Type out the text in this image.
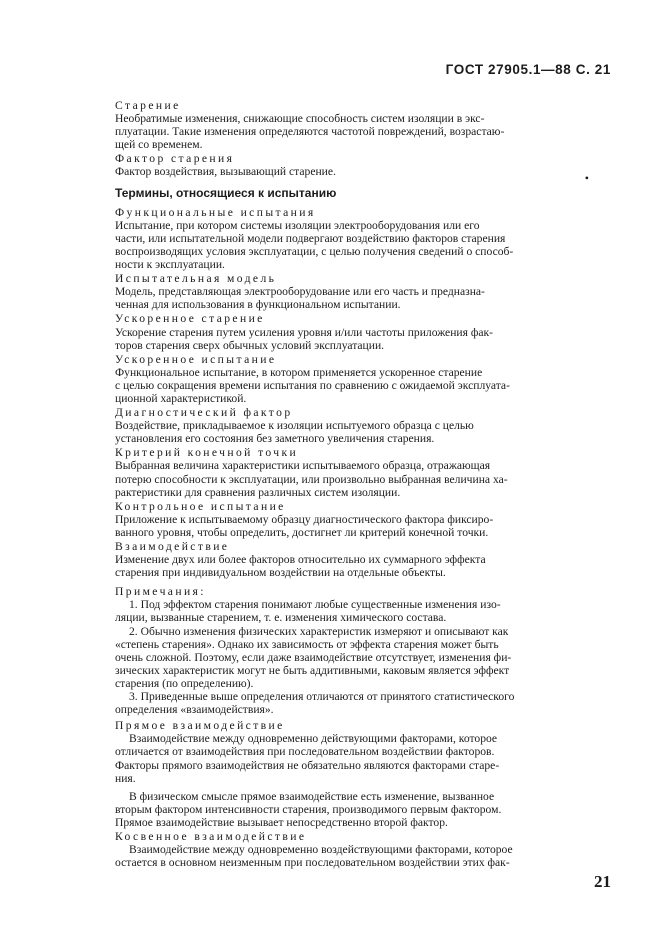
ГОСТ 27905.1—88 С. 21
•
Старение
Необратимые изменения, снижающие способность систем изоляции в экс-
плуатации. Такие изменения определяются частотой повреждений, возрастаю-
щей со временем.
Фактор старения
Фактор воздействия, вызывающий старение.
Термины, относящиеся к испытанию
Функциональные испытания
Испытание, при котором системы изоляции электрооборудования или его
части, или испытательной модели подвергают воздействию факторов старения
воспроизводящих условия эксплуатации, с целью получения сведений о способ-
ности к эксплуатации.
Испытательная модель
Модель, представляющая электрооборудование или его часть и предназна-
ченная для использования в функциональном испытании.
Ускоренное старение
Ускорение старения путем усиления уровня и/или частоты приложения фак-
торов старения сверх обычных условий эксплуатации.
Ускоренное испытание
Функциональное испытание, в котором применяется ускоренное старение
с целью сокращения времени испытания по сравнению с ожидаемой эксплуата-
ционной характеристикой.
Диагностический фактор
Воздействие, прикладываемое к изоляции испытуемого образца с целью
установления его состояния без заметного увеличения старения.
Критерий конечной точки
Выбранная величина характеристики испытываемого образца, отражающая
потерю способности к эксплуатации, или произвольно выбранная величина ха-
рактеристики для сравнения различных систем изоляции.
Контрольное испытание
Приложение к испытываемому образцу диагностического фактора фиксиро-
ванного уровня, чтобы определить, достигнет ли критерий конечной точки.
Взаимодействие
Изменение двух или более факторов относительно их суммарного эффекта
старения при индивидуальном воздействии на отдельные объекты.
Примечания:
1. Под эффектом старения понимают любые существенные изменения изо-
ляции, вызванные старением, т. е. изменения химического состава.
2. Обычно изменения физических характеристик измеряют и описывают как
«степень старения». Однако их зависимость от эффекта старения может быть
очень сложной. Поэтому, если даже взаимодействие отсутствует, изменения фи-
зических характеристик могут не быть аддитивными, каковым является эффект
старения (по определению).
3. Приведенные выше определения отличаются от принятого статистического
определения «взаимодействия».
Прямое взаимодействие
Взаимодействие между одновременно действующими факторами, которое
отличается от взаимодействия при последовательном воздействии факторов.
Факторы прямого взаимодействия не обязательно являются факторами старе-
ния.
В физическом смысле прямое взаимодействие есть изменение, вызванное
вторым фактором интенсивности старения, производимого первым фактором.
Прямое взаимодействие вызывает непосредственно второй фактор.
Косвенное взаимодействие
Взаимодействие между одновременно воздействующими факторами, которое
остается в основном неизменным при последовательном воздействии этих фак-
21
